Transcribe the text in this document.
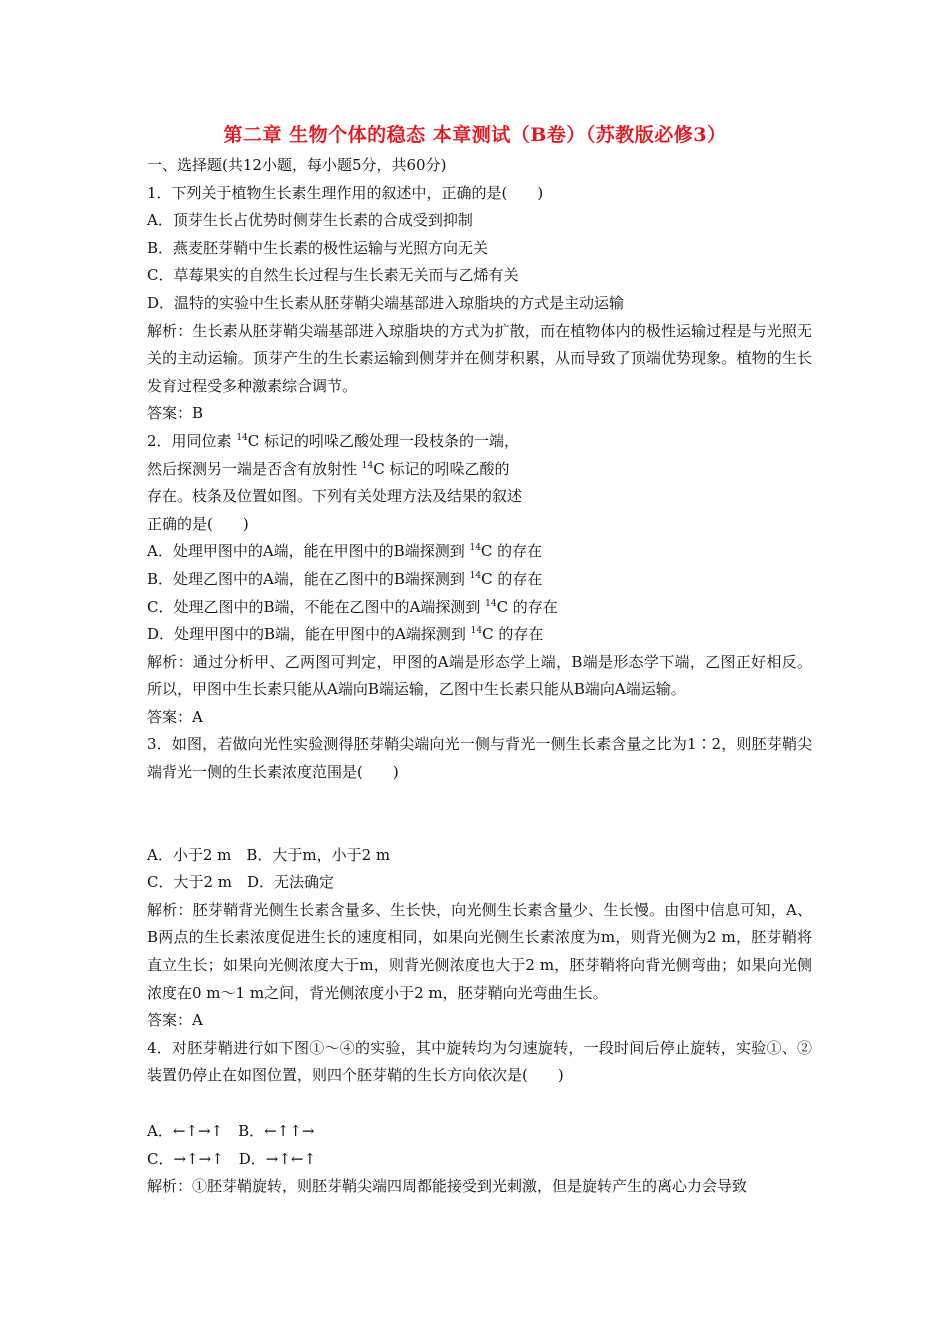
第二章 生物个体的稳态 本章测试（B卷）（苏教版必修3）
一、选择题(共12小题，每小题5分，共60分)
1．下列关于植物生长素生理作用的叙述中，正确的是(　　)
A．顶芽生长占优势时侧芽生长素的合成受到抑制
B．燕麦胚芽鞘中生长素的极性运输与光照方向无关
C．草莓果实的自然生长过程与生长素无关而与乙烯有关
D．温特的实验中生长素从胚芽鞘尖端基部进入琼脂块的方式是主动运输
解析：生长素从胚芽鞘尖端基部进入琼脂块的方式为扩散，而在植物体内的极性运输过程是与光照无关的主动运输。顶芽产生的生长素运输到侧芽并在侧芽积累，从而导致了顶端优势现象。植物的生长发育过程受多种激素综合调节。
答案：B
2．用同位素 $^{14}$C 标记的吲哚乙酸处理一段枝条的一端，
然后探测另一端是否含有放射性 $^{14}$C 标记的吲哚乙酸的
存在。枝条及位置如图。下列有关处理方法及结果的叙述
正确的是(　　)
A．处理甲图中的A端，能在甲图中的B端探测到 $^{14}$C 的存在
B．处理乙图中的A端，能在乙图中的B端探测到 $^{14}$C 的存在
C．处理乙图中的B端，不能在乙图中的A端探测到 $^{14}$C 的存在
D．处理甲图中的B端，能在甲图中的A端探测到 $^{14}$C 的存在
解析：通过分析甲、乙两图可判定，甲图的A端是形态学上端，B端是形态学下端，乙图正好相反。所以，甲图中生长素只能从A端向B端运输，乙图中生长素只能从B端向A端运输。
答案：A
3．如图，若做向光性实验测得胚芽鞘尖端向光一侧与背光一侧生长素含量之比为1∶2，则胚芽鞘尖端背光一侧的生长素浓度范围是(　　)
A．小于2 m　B．大于m，小于2 m
C．大于2 m　D．无法确定
解析：胚芽鞘背光侧生长素含量多、生长快，向光侧生长素含量少、生长慢。由图中信息可知，A、B两点的生长素浓度促进生长的速度相同，如果向光侧生长素浓度为m，则背光侧为2 m，胚芽鞘将直立生长；如果向光侧浓度大于m，则背光侧浓度也大于2 m，胚芽鞘将向背光侧弯曲；如果向光侧浓度在0 m～1 m之间，背光侧浓度小于2 m，胚芽鞘向光弯曲生长。
答案：A
4．对胚芽鞘进行如下图①～④的实验，其中旋转均为匀速旋转，一段时间后停止旋转，实验①、②装置仍停止在如图位置，则四个胚芽鞘的生长方向依次是(　　)
A．←↑→↑　B．←↑↑→
C．→↑→↑　D．→↑←↑
解析：①胚芽鞘旋转，则胚芽鞘尖端四周都能接受到光刺激，但是旋转产生的离心力会导致
